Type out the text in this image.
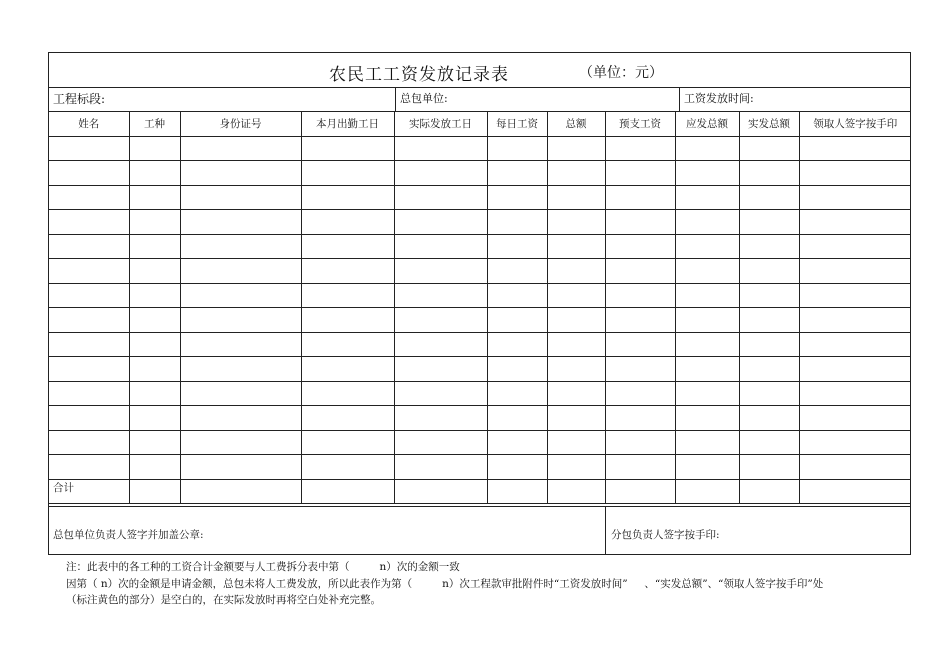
农民工工资发放记录表	（单位：元）
工程标段:	总包单位:	工资发放时间:
姓名	工种	身份证号	本月出勤工日	实际发放工日	每日工资	总额	预支工资	应发总额	实发总额	领取人签字按手印

合计										
总包单位负责人签字并加盖公章:	分包负责人签字按手印:
注：此表中的各工种的工资合计金额要与人工费拆分表中第（         n）次的金额一致
因第（ n）次的金额是申请金额，总包未将人工费发放，所以此表作为第（         n）次工程款审批附件时“工资发放时间”     、“实发总额”、“领取人签字按手印”处
（标注黄色的部分）是空白的，在实际发放时再将空白处补充完整。
